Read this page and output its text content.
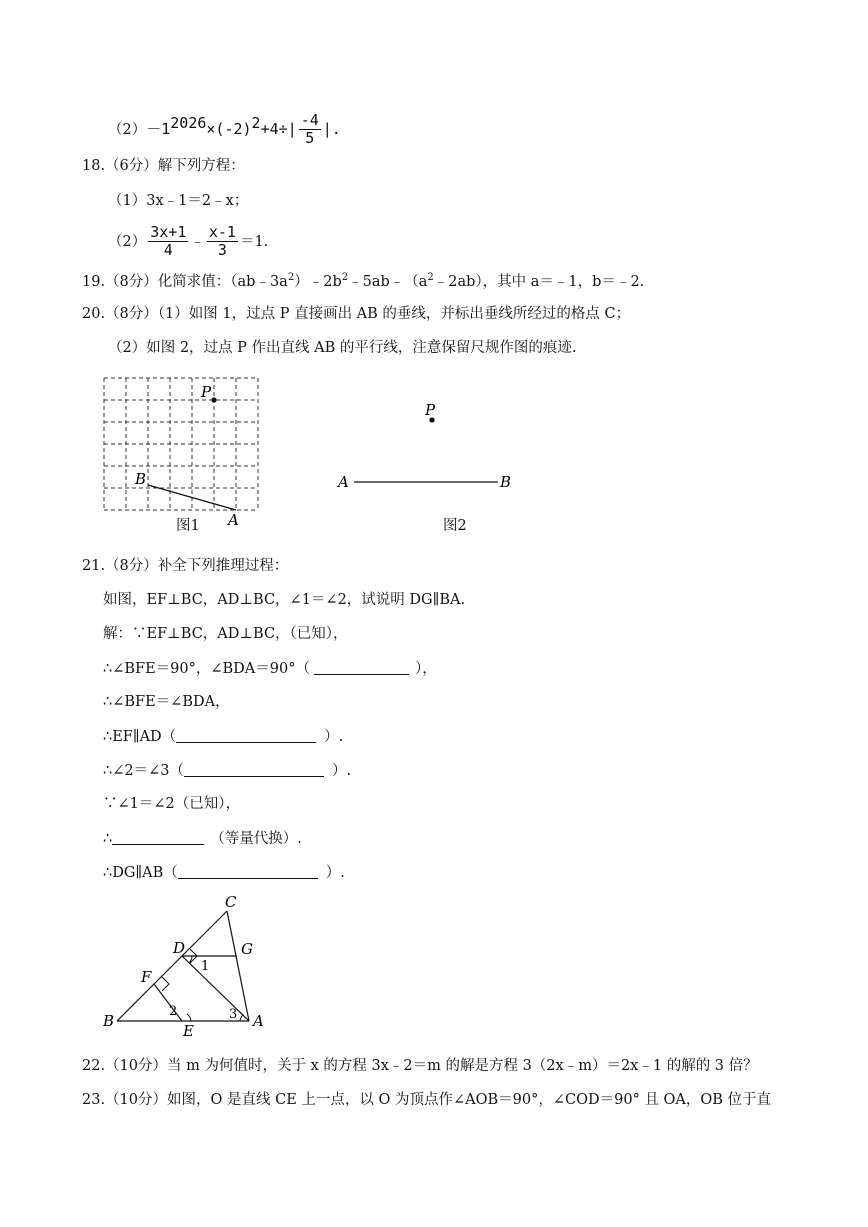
$(2)-1^{2026}\times(-2)^2+4\div| \frac{-4}{5}$ |.
18.（6分）解下列方程：
（1）3x﹣1＝2﹣x；
$(2) \frac{3x+1}{4}$ ﹣ $\frac{x-1}{3} =1$.
19.（8分）化简求值：$(ab﹣3a^2)﹣2b^2﹣5ab﹣(a^2﹣2ab)$，其中 a＝﹣1，b＝﹣2.
20.（8分）（1）如图 1，过点 P 直接画出 AB 的垂线，并标出垂线所经过的格点 C；
（2）如图 2，过点 P 作出直线 AB 的平行线，注意保留尺规作图的痕迹.
P
B
A
图1
P
A	B
图2
21.（8分）补全下列推理过程：
如图，EF⊥BC，AD⊥BC，∠1＝∠2，试说明 DG∥BA.
解：∵EF⊥BC，AD⊥BC，（已知），
∴∠BFE＝90°，∠BDA＝90°（	），
∴∠BFE＝∠BDA，
∴EF∥AD（	）.
∴∠2＝∠3（	）.
∵∠1＝∠2（已知），
∴	（等量代换）.
∴DG∥AB（	）.
C
D	G
F
B
E
A
1
2	3
22.（10分）当 m 为何值时，关于 x 的方程 3x﹣2＝m 的解是方程 3（2x﹣m）＝2x﹣1 的解的 3 倍？
23.（10分）如图，O 是直线 CE 上一点，以 O 为顶点作∠AOB＝90°，∠COD＝90° 且 OA，OB 位于直
